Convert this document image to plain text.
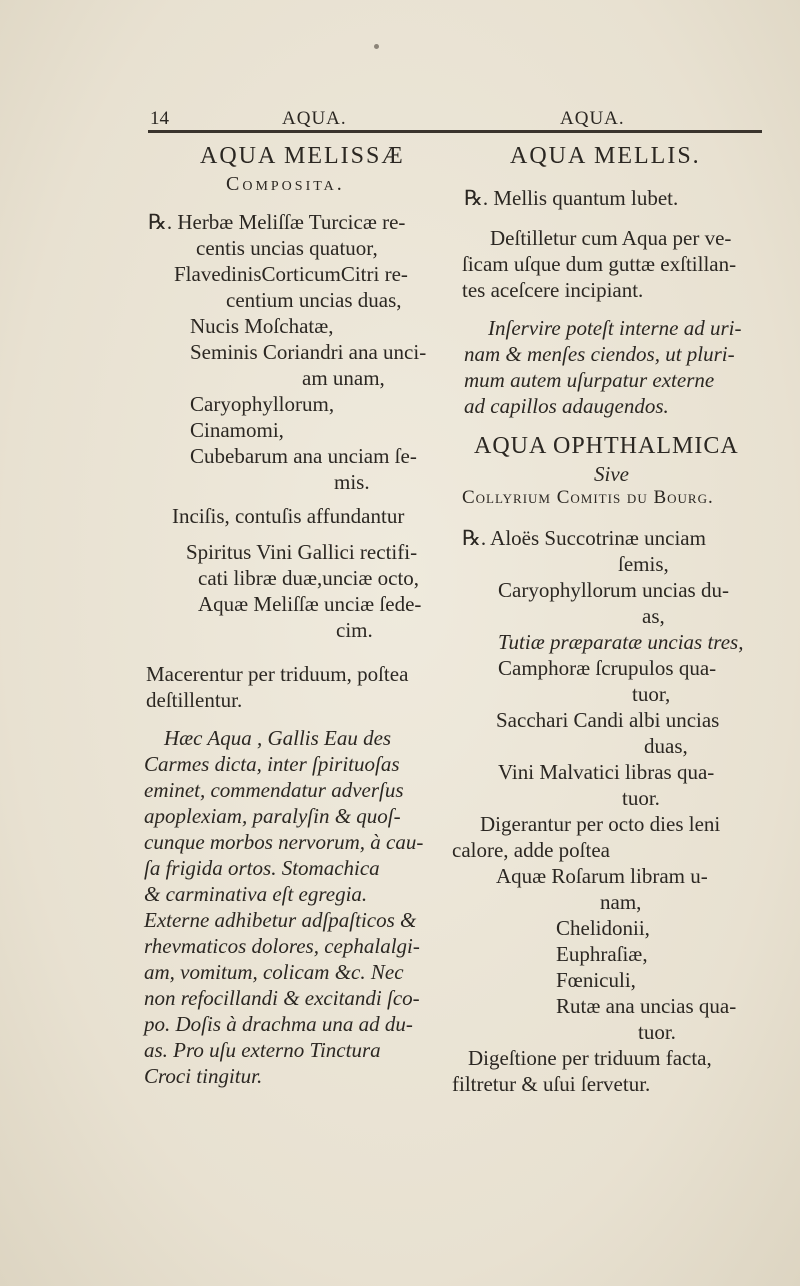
14	AQUA.	AQUA.
AQUA MELISSÆ
Composita.
℞. Herbæ Meliſſæ Turcicæ re-
centis uncias quatuor,
FlavedinisCorticumCitri re-
centium uncias duas,
Nucis Moſchatæ,
Seminis Coriandri ana unci-
am unam,
Caryophyllorum,
Cinamomi,
Cubebarum ana unciam ſe-
mis.
Inciſis, contuſis affundantur
Spiritus Vini Gallici rectifi-
cati libræ duæ,unciæ octo,
Aquæ Meliſſæ unciæ ſede-
cim.
Macerentur per triduum, poſtea
deſtillentur.
Hæc Aqua , Gallis Eau des
Carmes dicta, inter ſpirituoſas
eminet, commendatur adverſus
apoplexiam, paralyſin & quoſ-
cunque morbos nervorum, à cau-
ſa frigida ortos. Stomachica
& carminativa eſt egregia.
Externe adhibetur adſpaſticos &
rhevmaticos dolores, cephalalgi-
am, vomitum, colicam &c. Nec
non refocillandi & excitandi ſco-
po. Doſis à drachma una ad du-
as. Pro uſu externo Tinctura
Croci tingitur.
AQUA MELLIS.
℞. Mellis quantum lubet.
Deſtilletur cum Aqua per ve-
ſicam uſque dum guttæ exſtillan-
tes aceſcere incipiant.
Inſervire poteſt interne ad uri-
nam & menſes ciendos, ut pluri-
mum autem uſurpatur externe
ad capillos adaugendos.
AQUA OPHTHALMICA
Sive
Collyrium Comitis du Bourg.
℞. Aloës Succotrinæ unciam
ſemis,
Caryophyllorum uncias du-
as,
Tutiæ præparatæ uncias tres,
Camphoræ ſcrupulos qua-
tuor,
Sacchari Candi albi uncias
duas,
Vini Malvatici libras qua-
tuor.
Digerantur per octo dies leni
calore, adde poſtea
Aquæ Roſarum libram u-
nam,
Chelidonii,
Euphraſiæ,
Fœniculi,
Rutæ ana uncias qua-
tuor.
Digeſtione per triduum facta,
filtretur & uſui ſervetur.
